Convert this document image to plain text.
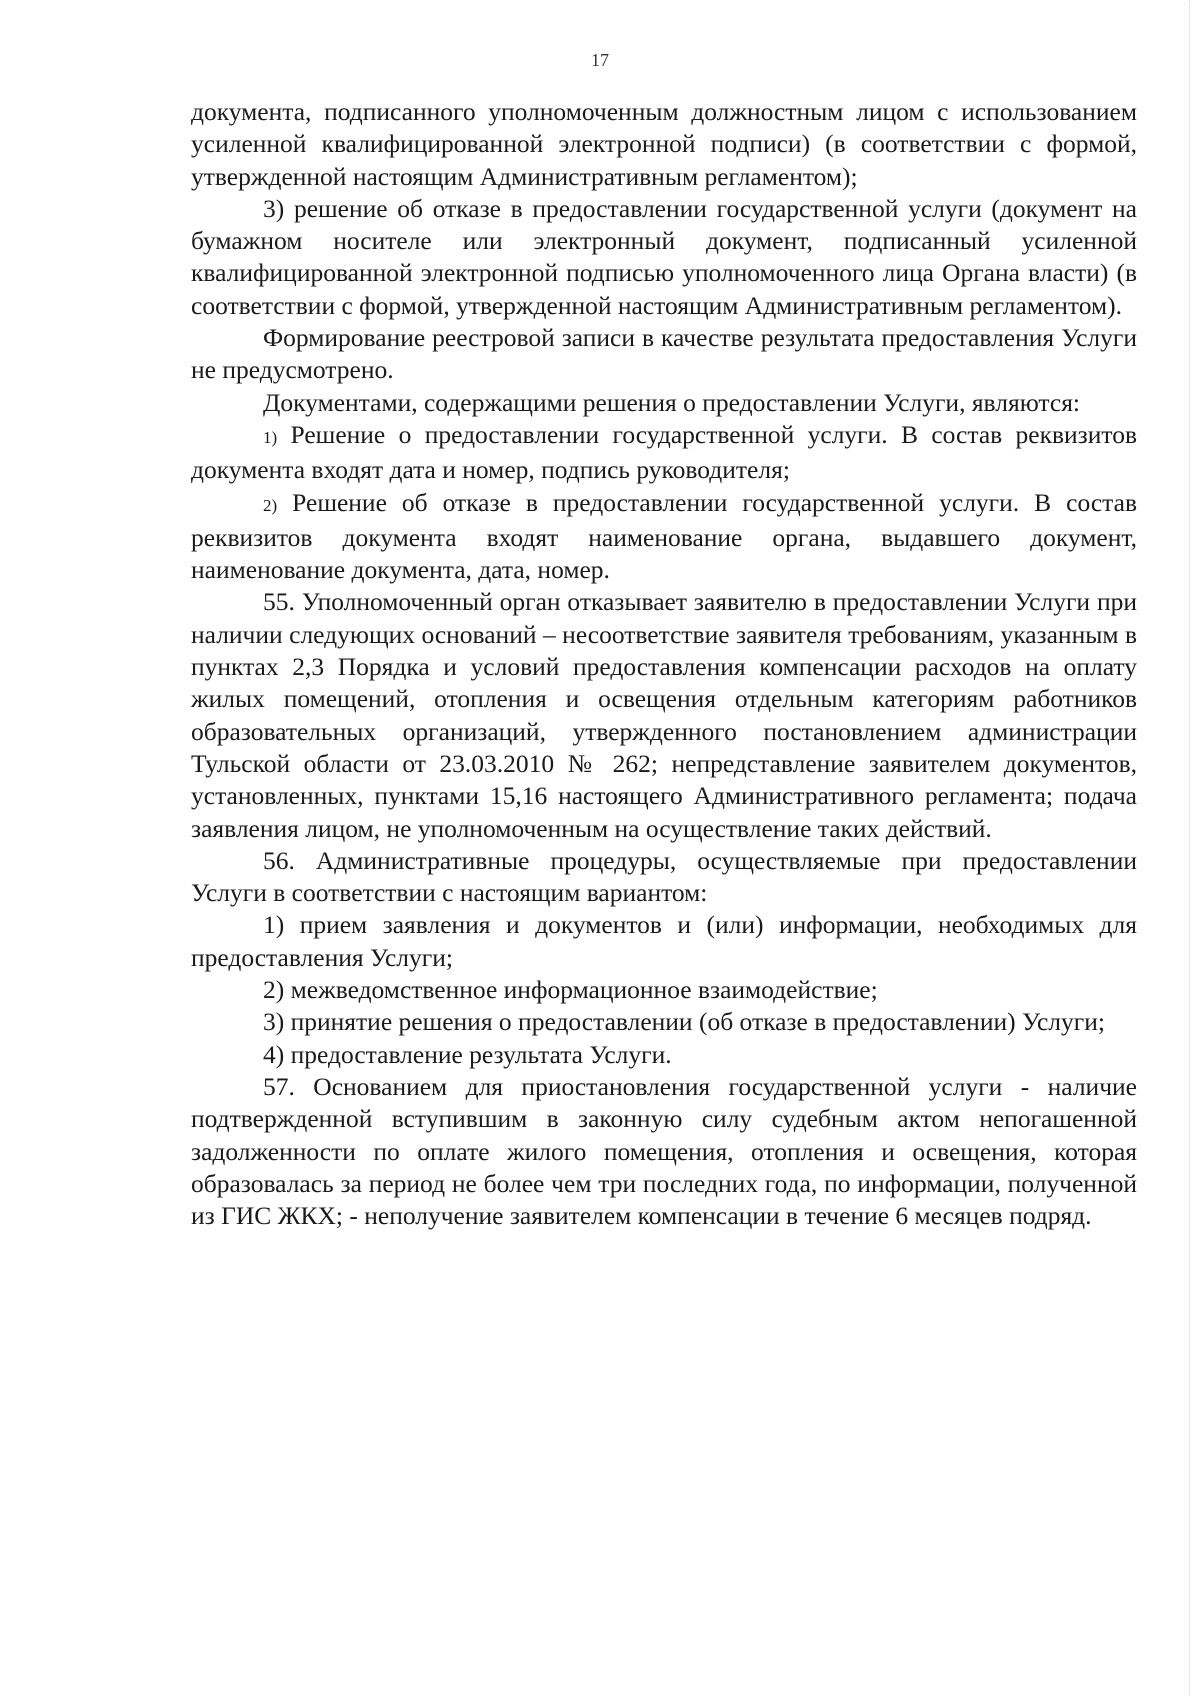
17

документа, подписанного уполномоченным должностным лицом с использованием усиленной квалифицированной электронной подписи) (в соответствии с формой, утвержденной настоящим Административным регламентом);

3) решение об отказе в предоставлении государственной услуги (документ на бумажном носителе или электронный документ, подписанный усиленной квалифицированной электронной подписью уполномоченного лица Органа власти) (в соответствии с формой, утвержденной настоящим Административным регламентом).

Формирование реестровой записи в качестве результата предоставления Услуги не предусмотрено.

Документами, содержащими решения о предоставлении Услуги, являются:

1) Решение о предоставлении государственной услуги. В состав реквизитов документа входят дата и номер, подпись руководителя;

2) Решение об отказе в предоставлении государственной услуги. В состав реквизитов документа входят наименование органа, выдавшего документ, наименование документа, дата, номер.

55. Уполномоченный орган отказывает заявителю в предоставлении Услуги при наличии следующих оснований – несоответствие заявителя требованиям, указанным в пунктах 2,3 Порядка и условий предоставления компенсации расходов на оплату жилых помещений, отопления и освещения отдельным категориям работников образовательных организаций, утвержденного постановлением администрации Тульской области от 23.03.2010 № 262; непредставление заявителем документов, установленных, пунктами 15,16 настоящего Административного регламента; подача заявления лицом, не уполномоченным на осуществление таких действий.

56. Административные процедуры, осуществляемые при предоставлении Услуги в соответствии с настоящим вариантом:

1) прием заявления и документов и (или) информации, необходимых для предоставления Услуги;

2) межведомственное информационное взаимодействие;

3) принятие решения о предоставлении (об отказе в предоставлении) Услуги;

4) предоставление результата Услуги.

57. Основанием для приостановления государственной услуги - наличие подтвержденной вступившим в законную силу судебным актом непогашенной задолженности по оплате жилого помещения, отопления и освещения, которая образовалась за период не более чем три последних года, по информации, полученной из ГИС ЖКХ; - неполучение заявителем компенсации в течение 6 месяцев подряд.
